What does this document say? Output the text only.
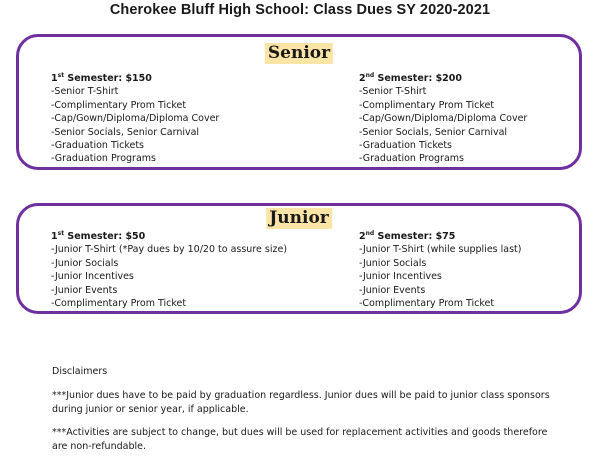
Cherokee Bluff High School: Class Dues SY 2020-2021
Senior
1st Semester: $150
-Senior T-Shirt
-Complimentary Prom Ticket
-Cap/Gown/Diploma/Diploma Cover
-Senior Socials, Senior Carnival
-Graduation Tickets
-Graduation Programs
2nd Semester: $200
-Senior T-Shirt
-Complimentary Prom Ticket
-Cap/Gown/Diploma/Diploma Cover
-Senior Socials, Senior Carnival
-Graduation Tickets
-Graduation Programs
Junior
1st Semester: $50
-Junior T-Shirt (*Pay dues by 10/20 to assure size)
-Junior Socials
-Junior Incentives
-Junior Events
-Complimentary Prom Ticket
2nd Semester: $75
-Junior T-Shirt (while supplies last)
-Junior Socials
-Junior Incentives
-Junior Events
-Complimentary Prom Ticket
Disclaimers
***Junior dues have to be paid by graduation regardless. Junior dues will be paid to junior class sponsors during junior or senior year, if applicable.
***Activities are subject to change, but dues will be used for replacement activities and goods therefore are non-refundable.
